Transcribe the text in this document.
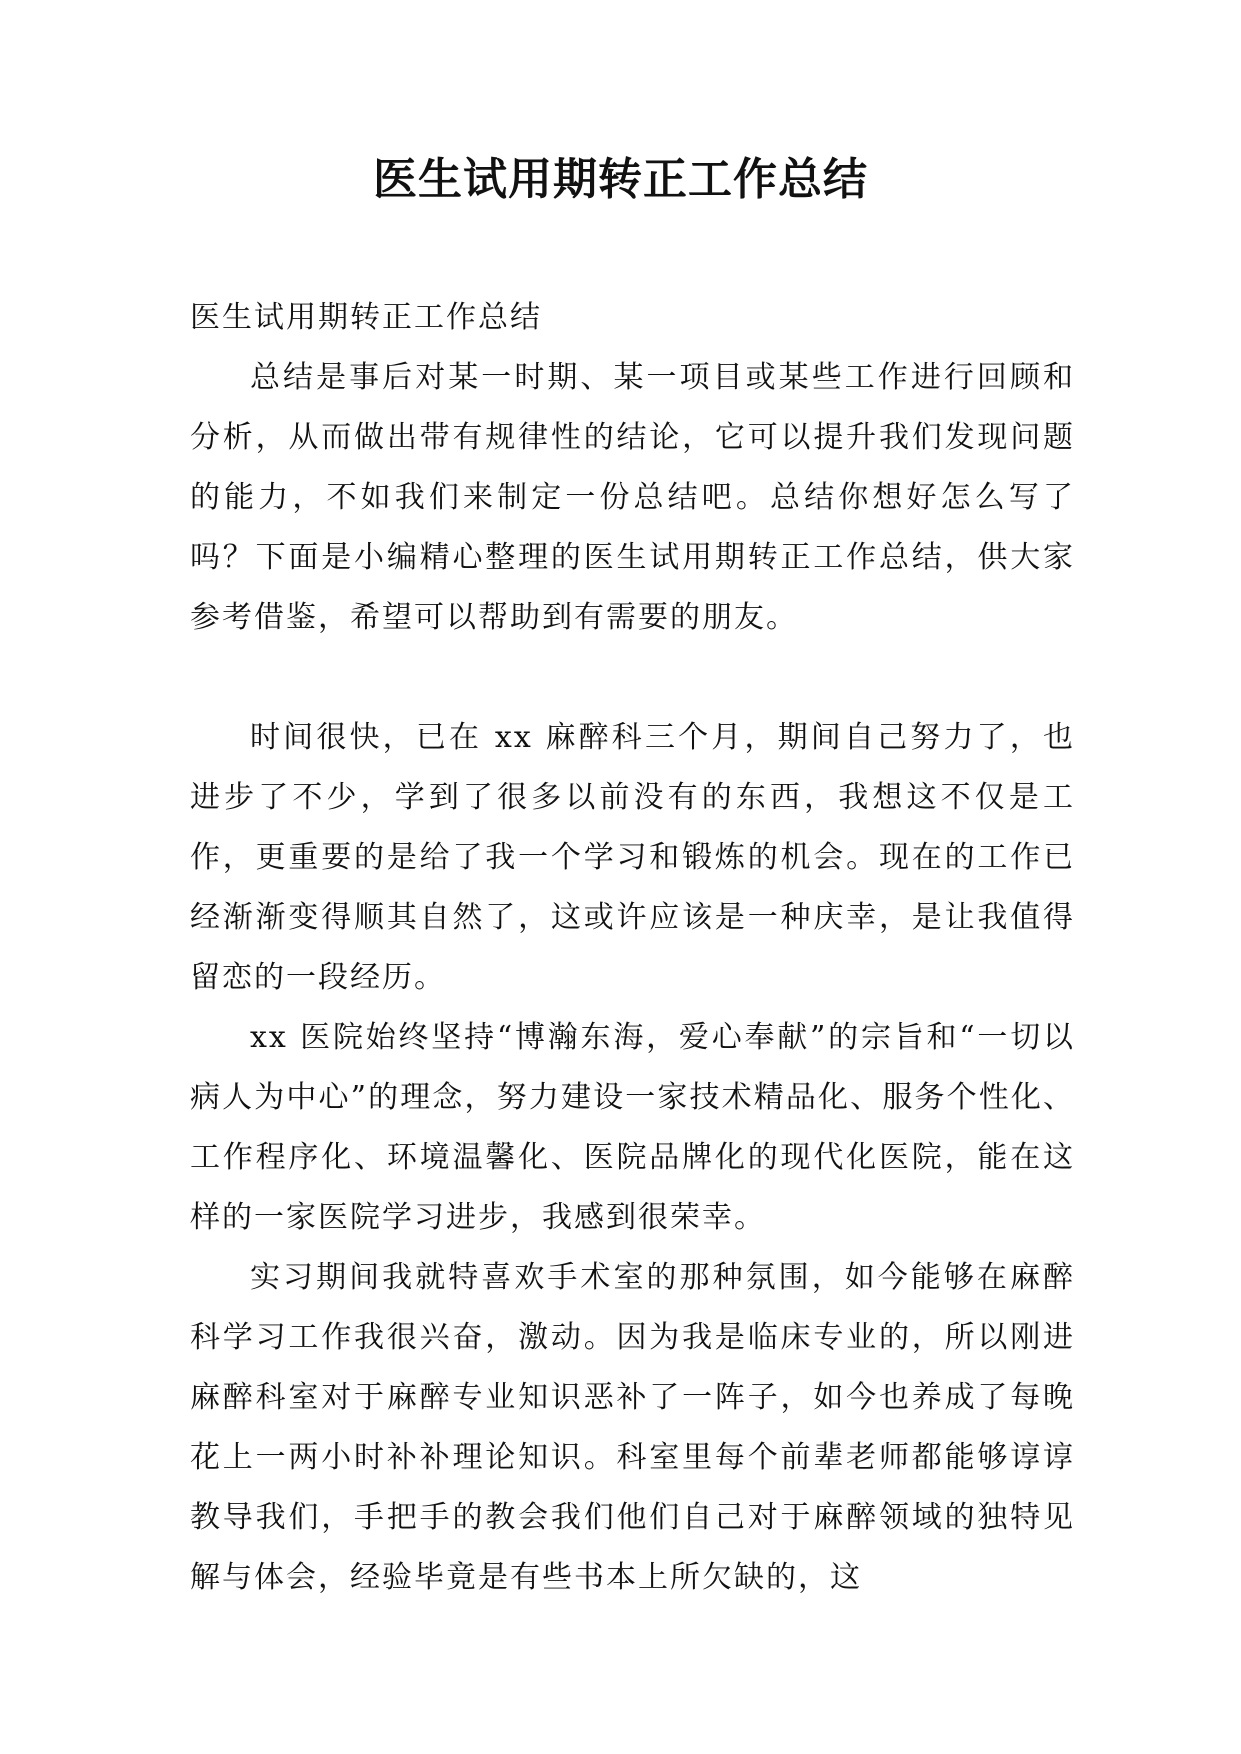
医生试用期转正工作总结

医生试用期转正工作总结

总结是事后对某一时期、某一项目或某些工作进行回顾和分析，从而做出带有规律性的结论，它可以提升我们发现问题的能力，不如我们来制定一份总结吧。总结你想好怎么写了吗？下面是小编精心整理的医生试用期转正工作总结，供大家参考借鉴，希望可以帮助到有需要的朋友。

时间很快，已在 xx 麻醉科三个月，期间自己努力了，也进步了不少，学到了很多以前没有的东西，我想这不仅是工作，更重要的是给了我一个学习和锻炼的机会。现在的工作已经渐渐变得顺其自然了，这或许应该是一种庆幸，是让我值得留恋的一段经历。

xx 医院始终坚持“博瀚东海，爱心奉献”的宗旨和“一切以病人为中心”的理念，努力建设一家技术精品化、服务个性化、工作程序化、环境温馨化、医院品牌化的现代化医院，能在这样的一家医院学习进步，我感到很荣幸。

实习期间我就特喜欢手术室的那种氛围，如今能够在麻醉科学习工作我很兴奋，激动。因为我是临床专业的，所以刚进麻醉科室对于麻醉专业知识恶补了一阵子，如今也养成了每晚花上一两小时补补理论知识。科室里每个前辈老师都能够谆谆教导我们，手把手的教会我们他们自己对于麻醉领域的独特见解与体会，经验毕竟是有些书本上所欠缺的，这
